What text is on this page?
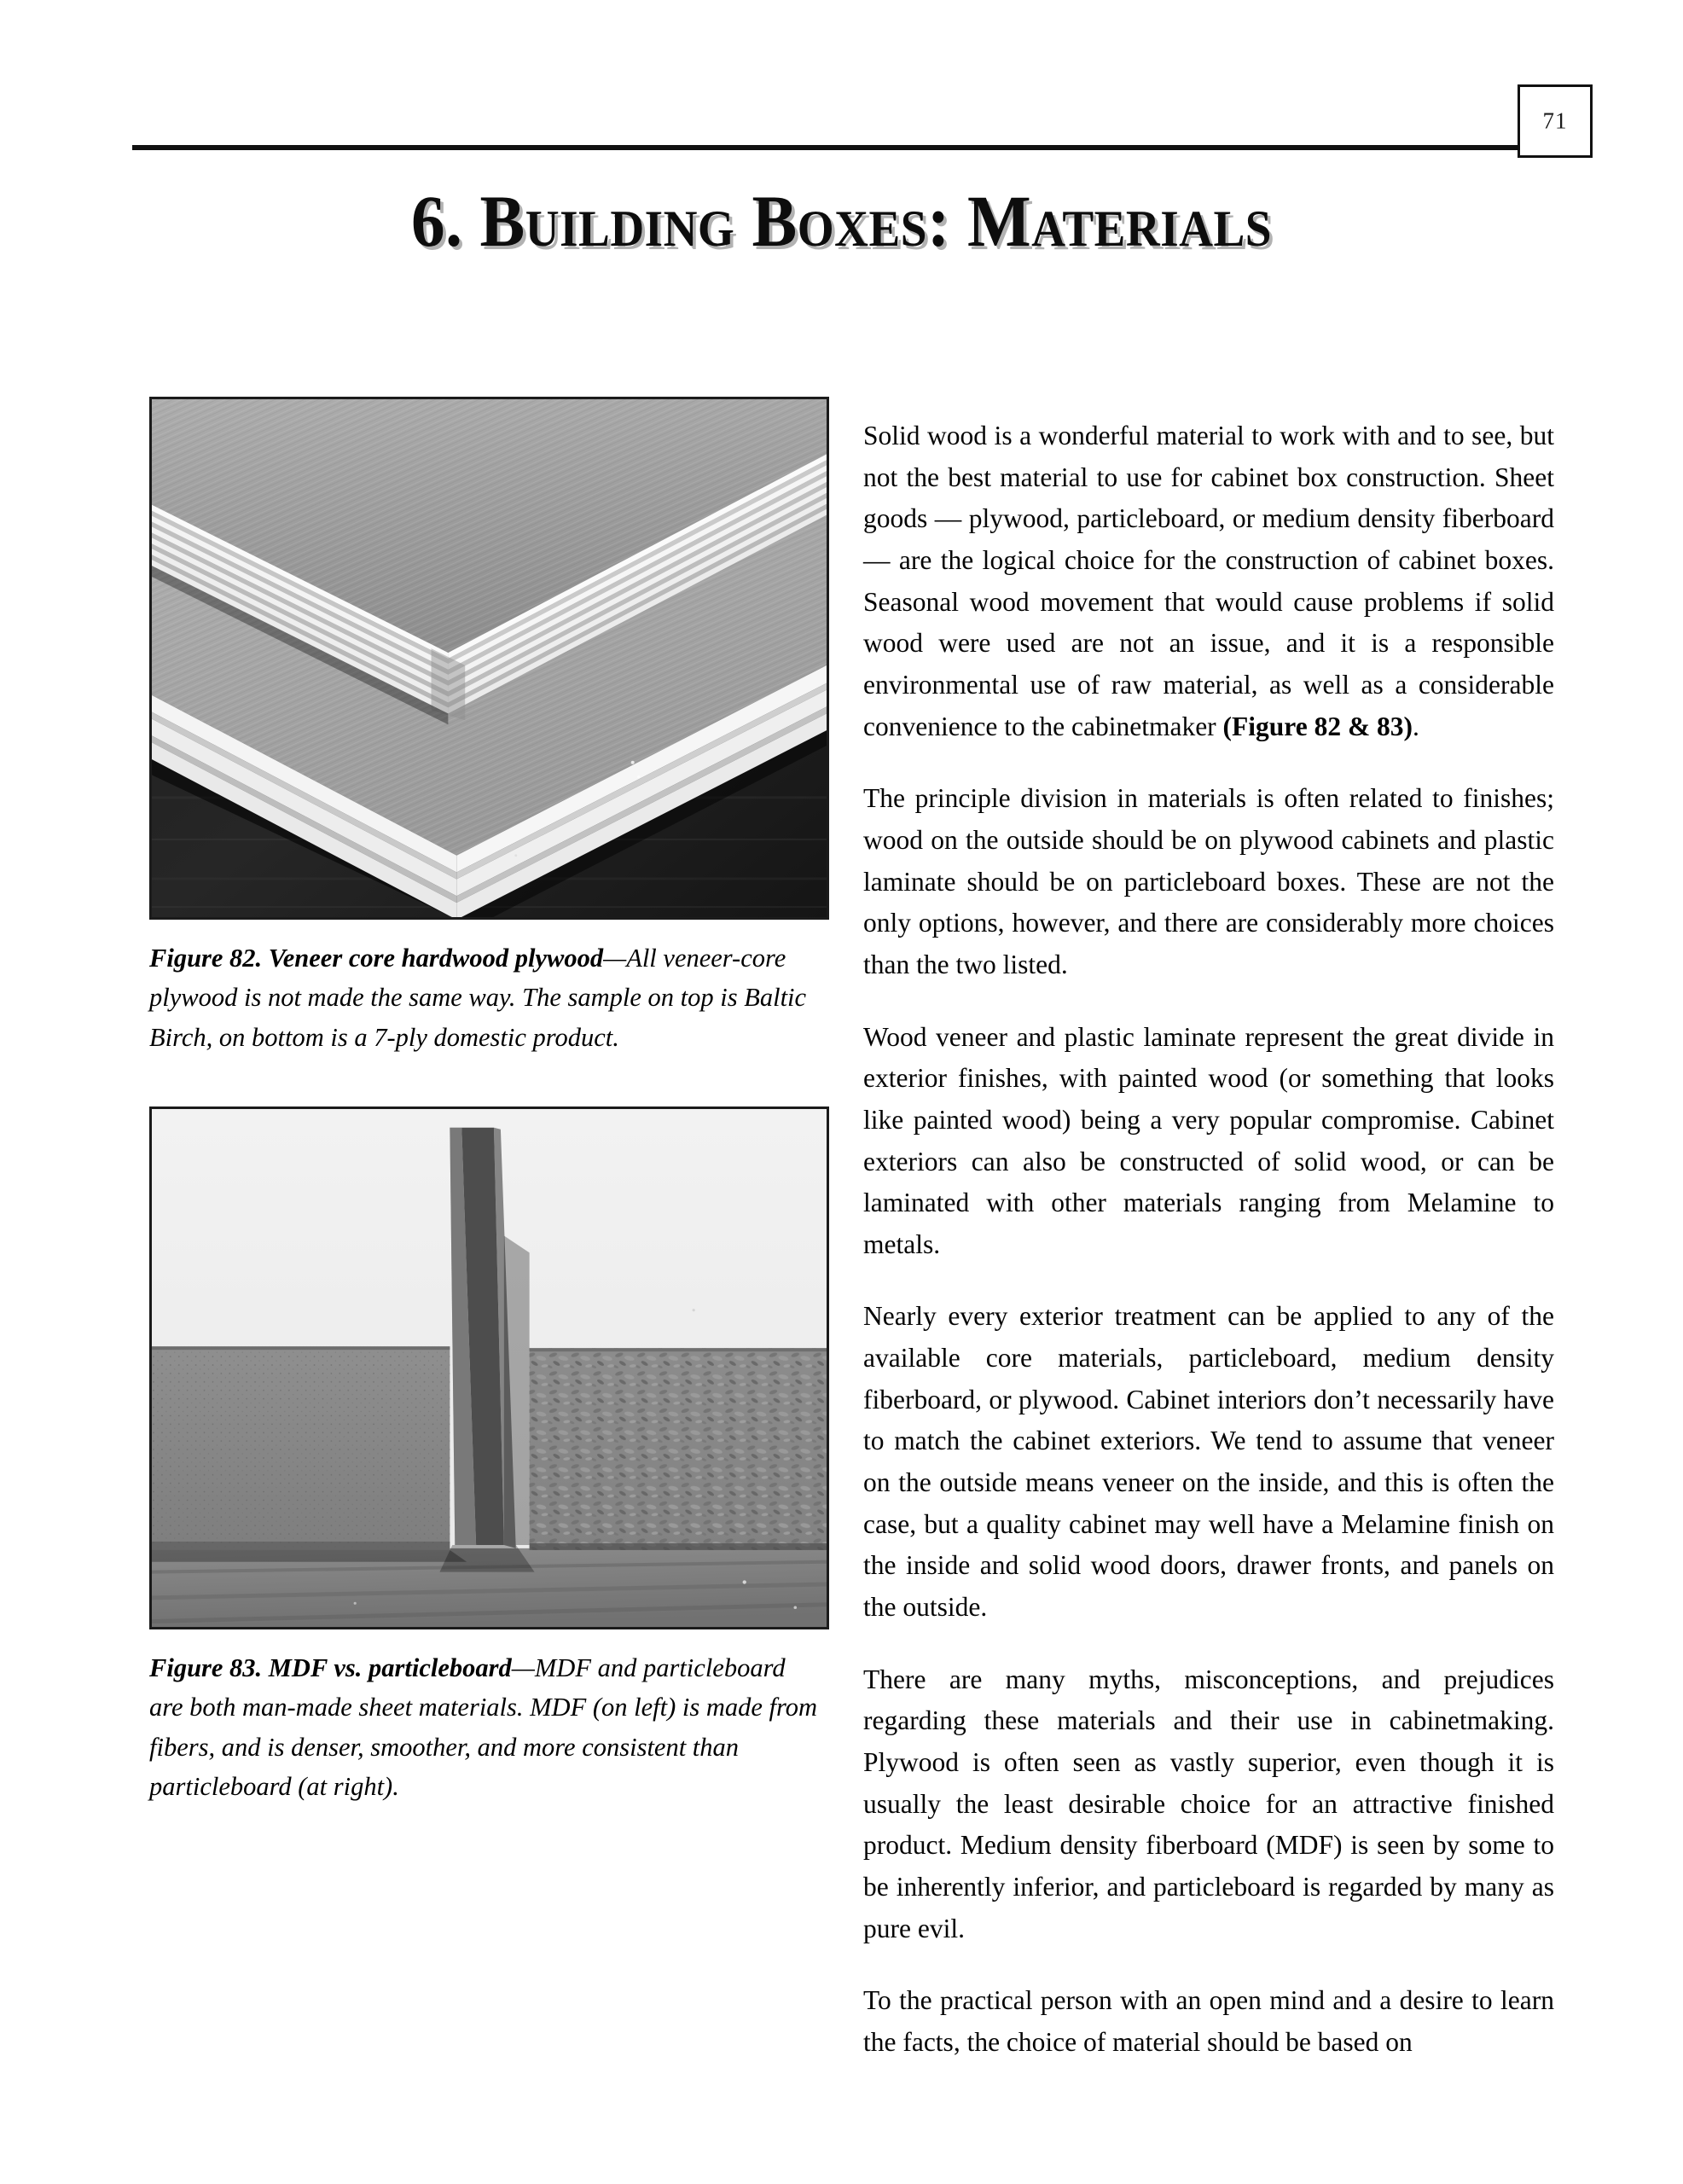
71
6. Building Boxes: Materials
Figure 82. Veneer core hardwood plywood—All veneer-core plywood is not made the same way. The sample on top is Baltic Birch, on bottom is a 7-ply domestic product.
Figure 83. MDF vs. particleboard—MDF and particleboard are both man-made sheet materials. MDF (on left) is made from fibers, and is denser, smoother, and more consistent than particleboard (at right).

Solid wood is a wonderful material to work with and to see, but not the best material to use for cabinet box construction. Sheet goods — plywood, particleboard, or medium density fiberboard — are the logical choice for the construction of cabinet boxes. Seasonal wood movement that would cause problems if solid wood were used are not an issue, and it is a responsible environmental use of raw material, as well as a considerable convenience to the cabinetmaker (Figure 82 & 83).

The principle division in materials is often related to finishes; wood on the outside should be on plywood cabinets and plastic laminate should be on particleboard boxes. These are not the only options, however, and there are considerably more choices than the two listed.

Wood veneer and plastic laminate represent the great divide in exterior finishes, with painted wood (or something that looks like painted wood) being a very popular compromise. Cabinet exteriors can also be constructed of solid wood, or can be laminated with other materials ranging from Melamine to metals.

Nearly every exterior treatment can be applied to any of the available core materials, particleboard, medium density fiberboard, or plywood. Cabinet interiors don’t necessarily have to match the cabinet exteriors. We tend to assume that veneer on the outside means veneer on the inside, and this is often the case, but a quality cabinet may well have a Melamine finish on the inside and solid wood doors, drawer fronts, and panels on the outside.

There are many myths, misconceptions, and prejudices regarding these materials and their use in cabinetmaking. Plywood is often seen as vastly superior, even though it is usually the least desirable choice for an attractive finished product. Medium density fiberboard (MDF) is seen by some to be inherently inferior, and particleboard is regarded by many as pure evil.

To the practical person with an open mind and a desire to learn the facts, the choice of material should be based on
